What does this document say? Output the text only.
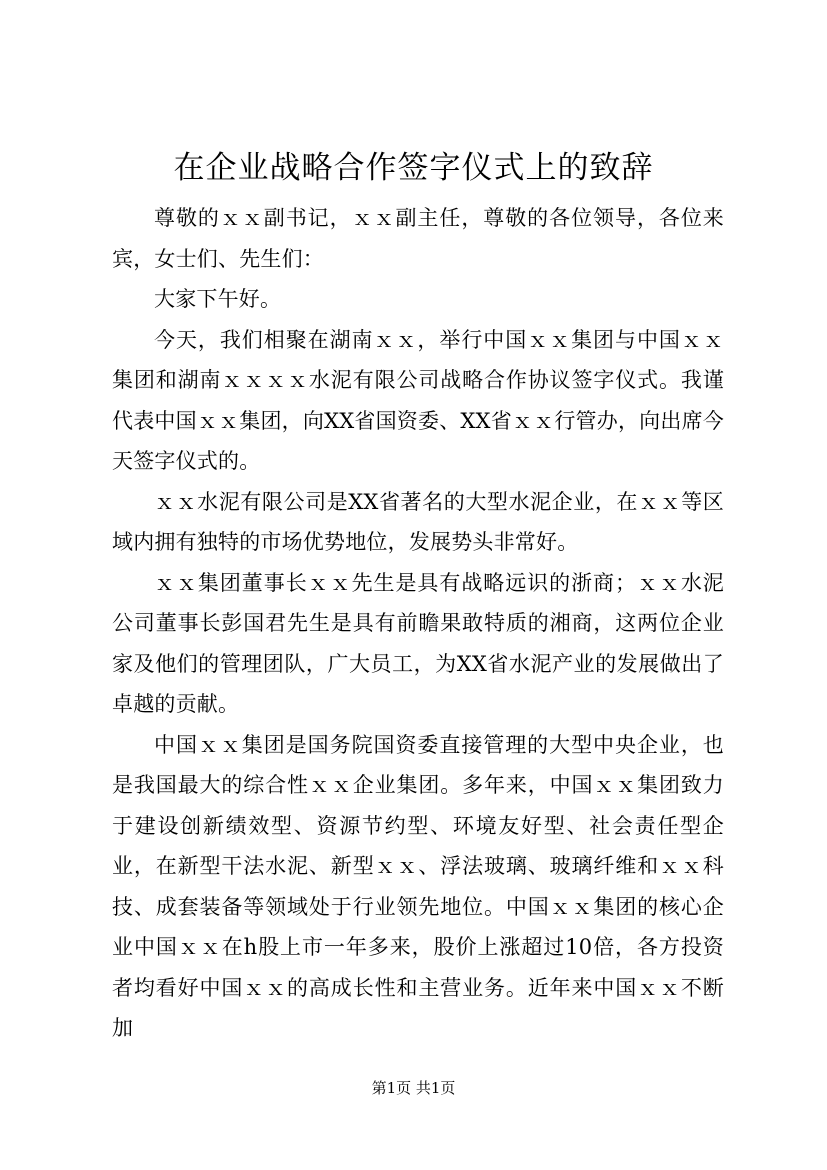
在企业战略合作签字仪式上的致辞

尊敬的ｘｘ副书记，ｘｘ副主任，尊敬的各位领导，各位来宾，女士们、先生们：

大家下午好。

今天，我们相聚在湖南ｘｘ，举行中国ｘｘ集团与中国ｘｘ集团和湖南ｘｘｘｘ水泥有限公司战略合作协议签字仪式。我谨代表中国ｘｘ集团，向XX省国资委、XX省ｘｘ行管办，向出席今天签字仪式的。

ｘｘ水泥有限公司是XX省著名的大型水泥企业，在ｘｘ等区域内拥有独特的市场优势地位，发展势头非常好。

ｘｘ集团董事长ｘｘ先生是具有战略远识的浙商；ｘｘ水泥公司董事长彭国君先生是具有前瞻果敢特质的湘商，这两位企业家及他们的管理团队，广大员工，为XX省水泥产业的发展做出了卓越的贡献。

中国ｘｘ集团是国务院国资委直接管理的大型中央企业，也是我国最大的综合性ｘｘ企业集团。多年来，中国ｘｘ集团致力于建设创新绩效型、资源节约型、环境友好型、社会责任型企业，在新型干法水泥、新型ｘｘ、浮法玻璃、玻璃纤维和ｘｘ科技、成套装备等领域处于行业领先地位。中国ｘｘ集团的核心企业中国ｘｘ在h股上市一年多来，股价上涨超过10倍，各方投资者均看好中国ｘｘ的高成长性和主营业务。近年来中国ｘｘ不断加

第1页 共1页
